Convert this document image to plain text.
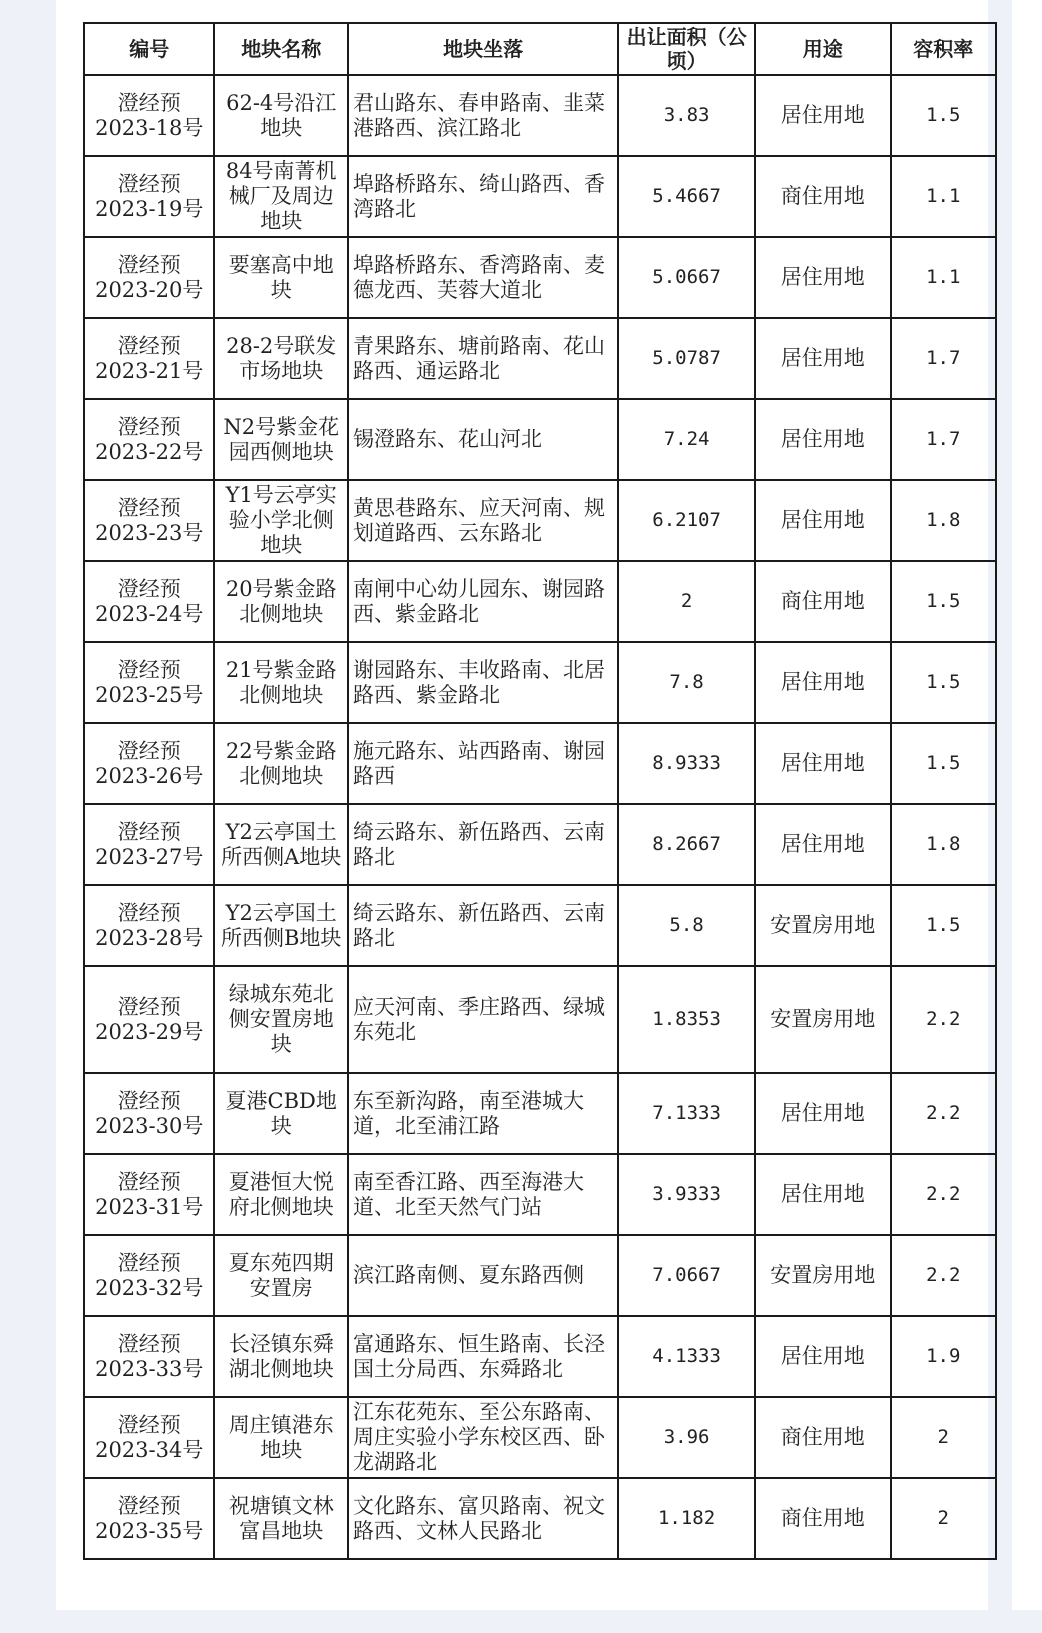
编号	地块名称	地块坐落	出让面积（公顷）	用途	容积率
澄经预2023-18号	62-4号沿江地块	君山路东、春申路南、韭菜港路西、滨江路北	3.83	居住用地	1.5
澄经预2023-19号	84号南菁机械厂及周边地块	埠路桥路东、绮山路西、香湾路北	5.4667	商住用地	1.1
澄经预2023-20号	要塞高中地块	埠路桥路东、香湾路南、麦德龙西、芙蓉大道北	5.0667	居住用地	1.1
澄经预2023-21号	28-2号联发市场地块	青果路东、塘前路南、花山路西、通运路北	5.0787	居住用地	1.7
澄经预2023-22号	N2号紫金花园西侧地块	锡澄路东、花山河北	7.24	居住用地	1.7
澄经预2023-23号	Y1号云亭实验小学北侧地块	黄思巷路东、应天河南、规划道路西、云东路北	6.2107	居住用地	1.8
澄经预2023-24号	20号紫金路北侧地块	南闸中心幼儿园东、谢园路西、紫金路北	2	商住用地	1.5
澄经预2023-25号	21号紫金路北侧地块	谢园路东、丰收路南、北居路西、紫金路北	7.8	居住用地	1.5
澄经预2023-26号	22号紫金路北侧地块	施元路东、站西路南、谢园路西	8.9333	居住用地	1.5
澄经预2023-27号	Y2云亭国土所西侧A地块	绮云路东、新伍路西、云南路北	8.2667	居住用地	1.8
澄经预2023-28号	Y2云亭国土所西侧B地块	绮云路东、新伍路西、云南路北	5.8	安置房用地	1.5
澄经预2023-29号	绿城东苑北侧安置房地块	应天河南、季庄路西、绿城东苑北	1.8353	安置房用地	2.2
澄经预2023-30号	夏港CBD地块	东至新沟路，南至港城大道，北至浦江路	7.1333	居住用地	2.2
澄经预2023-31号	夏港恒大悦府北侧地块	南至香江路、西至海港大道、北至天然气门站	3.9333	居住用地	2.2
澄经预2023-32号	夏东苑四期安置房	滨江路南侧、夏东路西侧	7.0667	安置房用地	2.2
澄经预2023-33号	长泾镇东舜湖北侧地块	富通路东、恒生路南、长泾国土分局西、东舜路北	4.1333	居住用地	1.9
澄经预2023-34号	周庄镇港东地块	江东花苑东、至公东路南、周庄实验小学东校区西、卧龙湖路北	3.96	商住用地	2
澄经预2023-35号	祝塘镇文林富昌地块	文化路东、富贝路南、祝文路西、文林人民路北	1.182	商住用地	2
